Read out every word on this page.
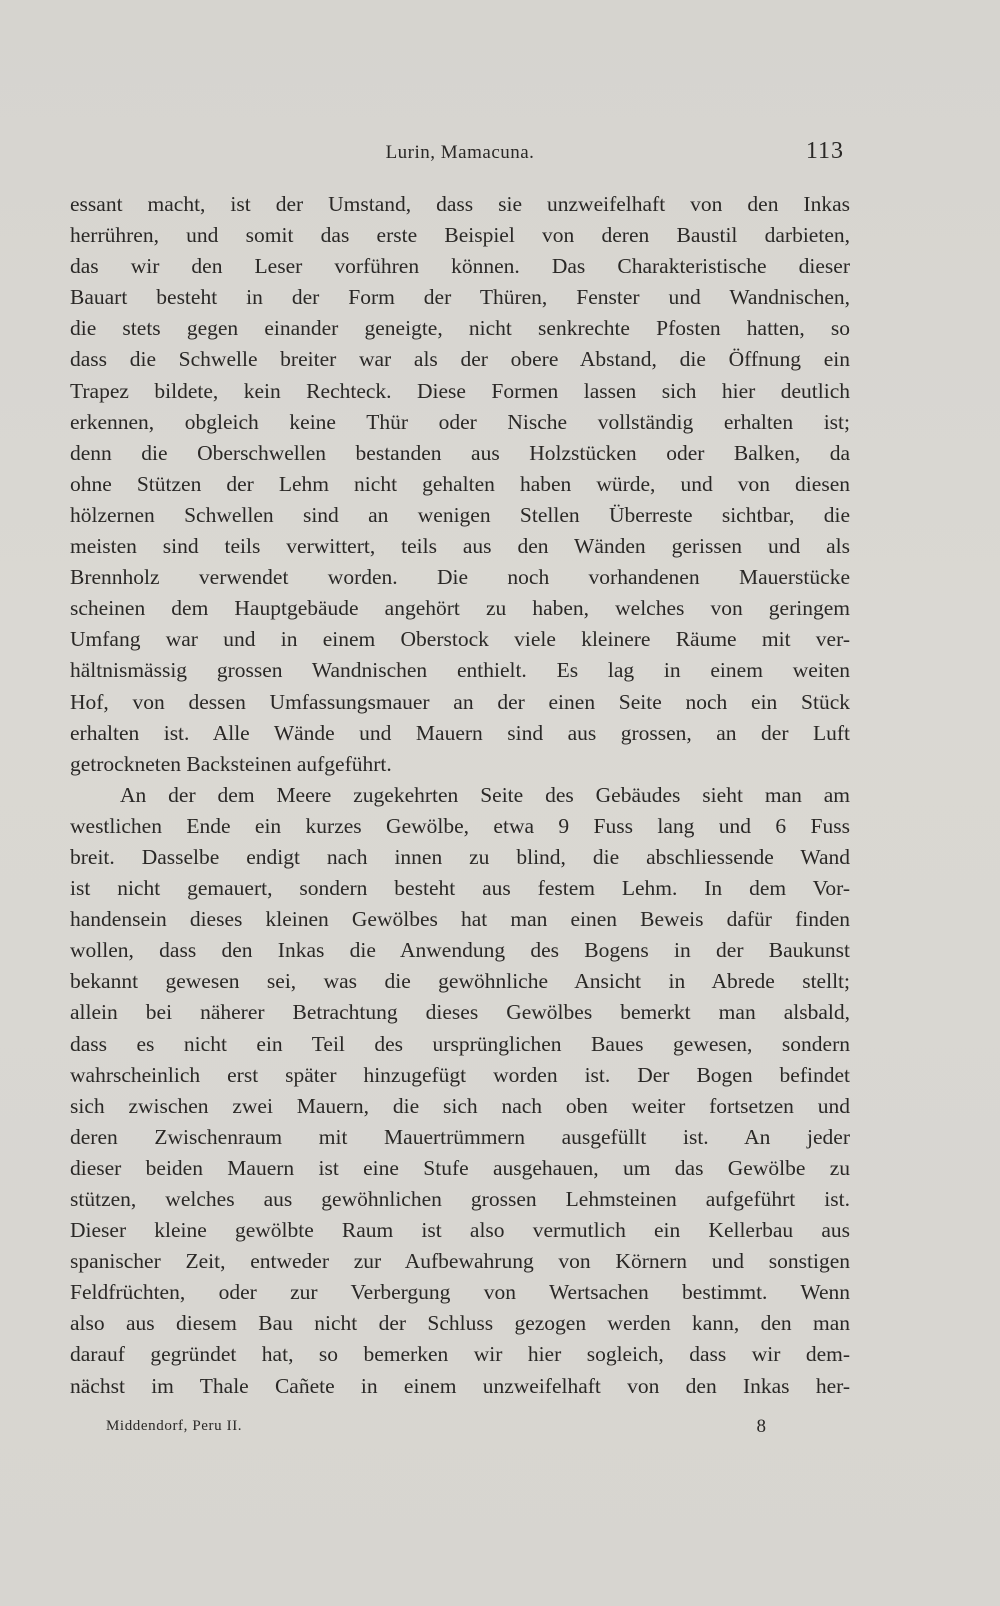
Lurin, Mamacuna.	113

essant macht, ist der Umstand, dass sie unzweifelhaft von den Inkas
herrühren, und somit das erste Beispiel von deren Baustil darbieten,
das wir den Leser vorführen können. Das Charakteristische dieser
Bauart besteht in der Form der Thüren, Fenster und Wandnischen,
die stets gegen einander geneigte, nicht senkrechte Pfosten hatten, so
dass die Schwelle breiter war als der obere Abstand, die Öffnung ein
Trapez bildete, kein Rechteck. Diese Formen lassen sich hier deutlich
erkennen, obgleich keine Thür oder Nische vollständig erhalten ist;
denn die Oberschwellen bestanden aus Holzstücken oder Balken, da
ohne Stützen der Lehm nicht gehalten haben würde, und von diesen
hölzernen Schwellen sind an wenigen Stellen Überreste sichtbar, die
meisten sind teils verwittert, teils aus den Wänden gerissen und als
Brennholz verwendet worden. Die noch vorhandenen Mauerstücke
scheinen dem Hauptgebäude angehört zu haben, welches von geringem
Umfang war und in einem Oberstock viele kleinere Räume mit ver-
hältnismässig grossen Wandnischen enthielt. Es lag in einem weiten
Hof, von dessen Umfassungsmauer an der einen Seite noch ein Stück
erhalten ist. Alle Wände und Mauern sind aus grossen, an der Luft
getrockneten Backsteinen aufgeführt.

An der dem Meere zugekehrten Seite des Gebäudes sieht man am
westlichen Ende ein kurzes Gewölbe, etwa 9 Fuss lang und 6 Fuss
breit. Dasselbe endigt nach innen zu blind, die abschliessende Wand
ist nicht gemauert, sondern besteht aus festem Lehm. In dem Vor-
handensein dieses kleinen Gewölbes hat man einen Beweis dafür finden
wollen, dass den Inkas die Anwendung des Bogens in der Baukunst
bekannt gewesen sei, was die gewöhnliche Ansicht in Abrede stellt;
allein bei näherer Betrachtung dieses Gewölbes bemerkt man alsbald,
dass es nicht ein Teil des ursprünglichen Baues gewesen, sondern
wahrscheinlich erst später hinzugefügt worden ist. Der Bogen befindet
sich zwischen zwei Mauern, die sich nach oben weiter fortsetzen und
deren Zwischenraum mit Mauertrümmern ausgefüllt ist. An jeder
dieser beiden Mauern ist eine Stufe ausgehauen, um das Gewölbe zu
stützen, welches aus gewöhnlichen grossen Lehmsteinen aufgeführt ist.
Dieser kleine gewölbte Raum ist also vermutlich ein Kellerbau aus
spanischer Zeit, entweder zur Aufbewahrung von Körnern und sonstigen
Feldfrüchten, oder zur Verbergung von Wertsachen bestimmt. Wenn
also aus diesem Bau nicht der Schluss gezogen werden kann, den man
darauf gegründet hat, so bemerken wir hier sogleich, dass wir dem-
nächst im Thale Cañete in einem unzweifelhaft von den Inkas her-

Middendorf, Peru II.	8
